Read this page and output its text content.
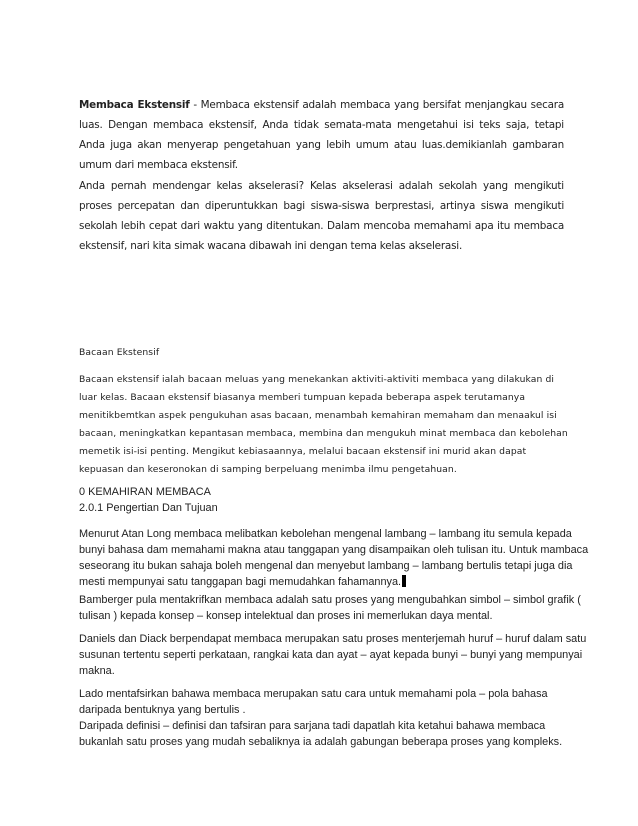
Membaca Ekstensif - Membaca ekstensif adalah membaca yang bersifat menjangkau secara luas. Dengan membaca ekstensif, Anda tidak semata-mata mengetahui isi teks saja, tetapi Anda juga akan menyerap pengetahuan yang lebih umum atau luas.demikianlah gambaran umum dari membaca ekstensif.

Anda pernah mendengar kelas akselerasi? Kelas akselerasi adalah sekolah yang mengikuti proses percepatan dan diperuntukkan bagi siswa-siswa berprestasi, artinya siswa mengikuti sekolah lebih cepat dari waktu yang ditentukan. Dalam mencoba memahami apa itu membaca ekstensif, nari kita simak wacana dibawah ini dengan tema kelas akselerasi.

Bacaan Ekstensif

Bacaan ekstensif ialah bacaan meluas yang menekankan aktiviti-aktiviti membaca yang dilakukan di
luar kelas. Bacaan ekstensif biasanya memberi tumpuan kepada beberapa aspek terutamanya
menitikbemtkan aspek pengukuhan asas bacaan, menambah kemahiran memaham dan menaakul isi
bacaan, meningkatkan kepantasan membaca, membina dan mengukuh minat membaca dan kebolehan
memetik isi-isi penting. Mengikut kebiasaannya, melalui bacaan ekstensif ini murid akan dapat
kepuasan dan keseronokan di samping berpeluang menimba ilmu pengetahuan.
0 KEMAHIRAN MEMBACA
2.0.1 Pengertian Dan Tujuan
Menurut Atan Long membaca melibatkan kebolehan mengenal lambang – lambang itu semula kepada
bunyi bahasa dam memahami makna atau tanggapan yang disampaikan oleh tulisan itu. Untuk mambaca
seseorang itu bukan sahaja boleh mengenal dan menyebut lambang – lambang bertulis tetapi juga dia
mesti mempunyai satu tanggapan bagi memudahkan fahamannya.
Bamberger pula mentakrifkan membaca adalah satu proses yang mengubahkan simbol – simbol grafik (
tulisan ) kepada konsep – konsep intelektual dan proses ini memerlukan daya mental.
Daniels dan Diack berpendapat membaca merupakan satu proses menterjemah huruf – huruf dalam satu
susunan tertentu seperti perkataan, rangkai kata dan ayat – ayat kepada bunyi – bunyi yang mempunyai
makna.
Lado mentafsirkan bahawa membaca merupakan satu cara untuk memahami pola – pola bahasa
daripada bentuknya yang bertulis .
Daripada definisi – definisi dan tafsiran para sarjana tadi dapatlah kita ketahui bahawa membaca
bukanlah satu proses yang mudah sebaliknya ia adalah gabungan beberapa proses yang kompleks.
